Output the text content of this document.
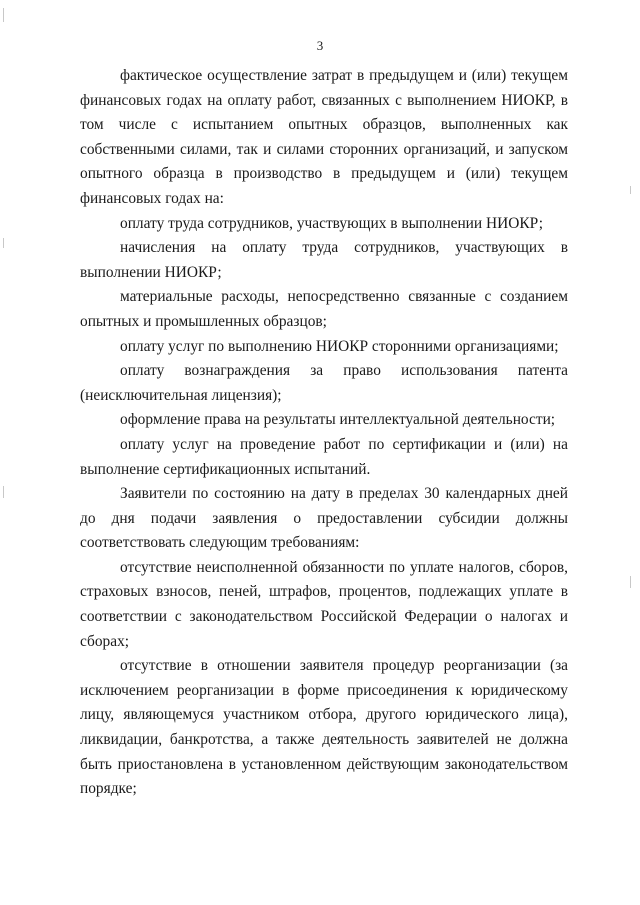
3

фактическое осуществление затрат в предыдущем и (или) текущем финансовых годах на оплату работ, связанных с выполнением НИОКР, в том числе с испытанием опытных образцов, выполненных как собственными силами, так и силами сторонних организаций, и запуском опытного образца в производство в предыдущем и (или) текущем финансовых годах на:

оплату труда сотрудников, участвующих в выполнении НИОКР;

начисления на оплату труда сотрудников, участвующих в выполнении НИОКР;

материальные расходы, непосредственно связанные с созданием опытных и промышленных образцов;

оплату услуг по выполнению НИОКР сторонними организациями;

оплату вознаграждения за право использования патента (неисключительная лицензия);

оформление права на результаты интеллектуальной деятельности;

оплату услуг на проведение работ по сертификации и (или) на выполнение сертификационных испытаний.

Заявители по состоянию на дату в пределах 30 календарных дней до дня подачи заявления о предоставлении субсидии должны соответствовать следующим требованиям:

отсутствие неисполненной обязанности по уплате налогов, сборов, страховых взносов, пеней, штрафов, процентов, подлежащих уплате в соответствии с законодательством Российской Федерации о налогах и сборах;

отсутствие в отношении заявителя процедур реорганизации (за исключением реорганизации в форме присоединения к юридическому лицу, являющемуся участником отбора, другого юридического лица), ликвидации, банкротства, а также деятельность заявителей не должна быть приостановлена в установленном действующим законодательством порядке;
